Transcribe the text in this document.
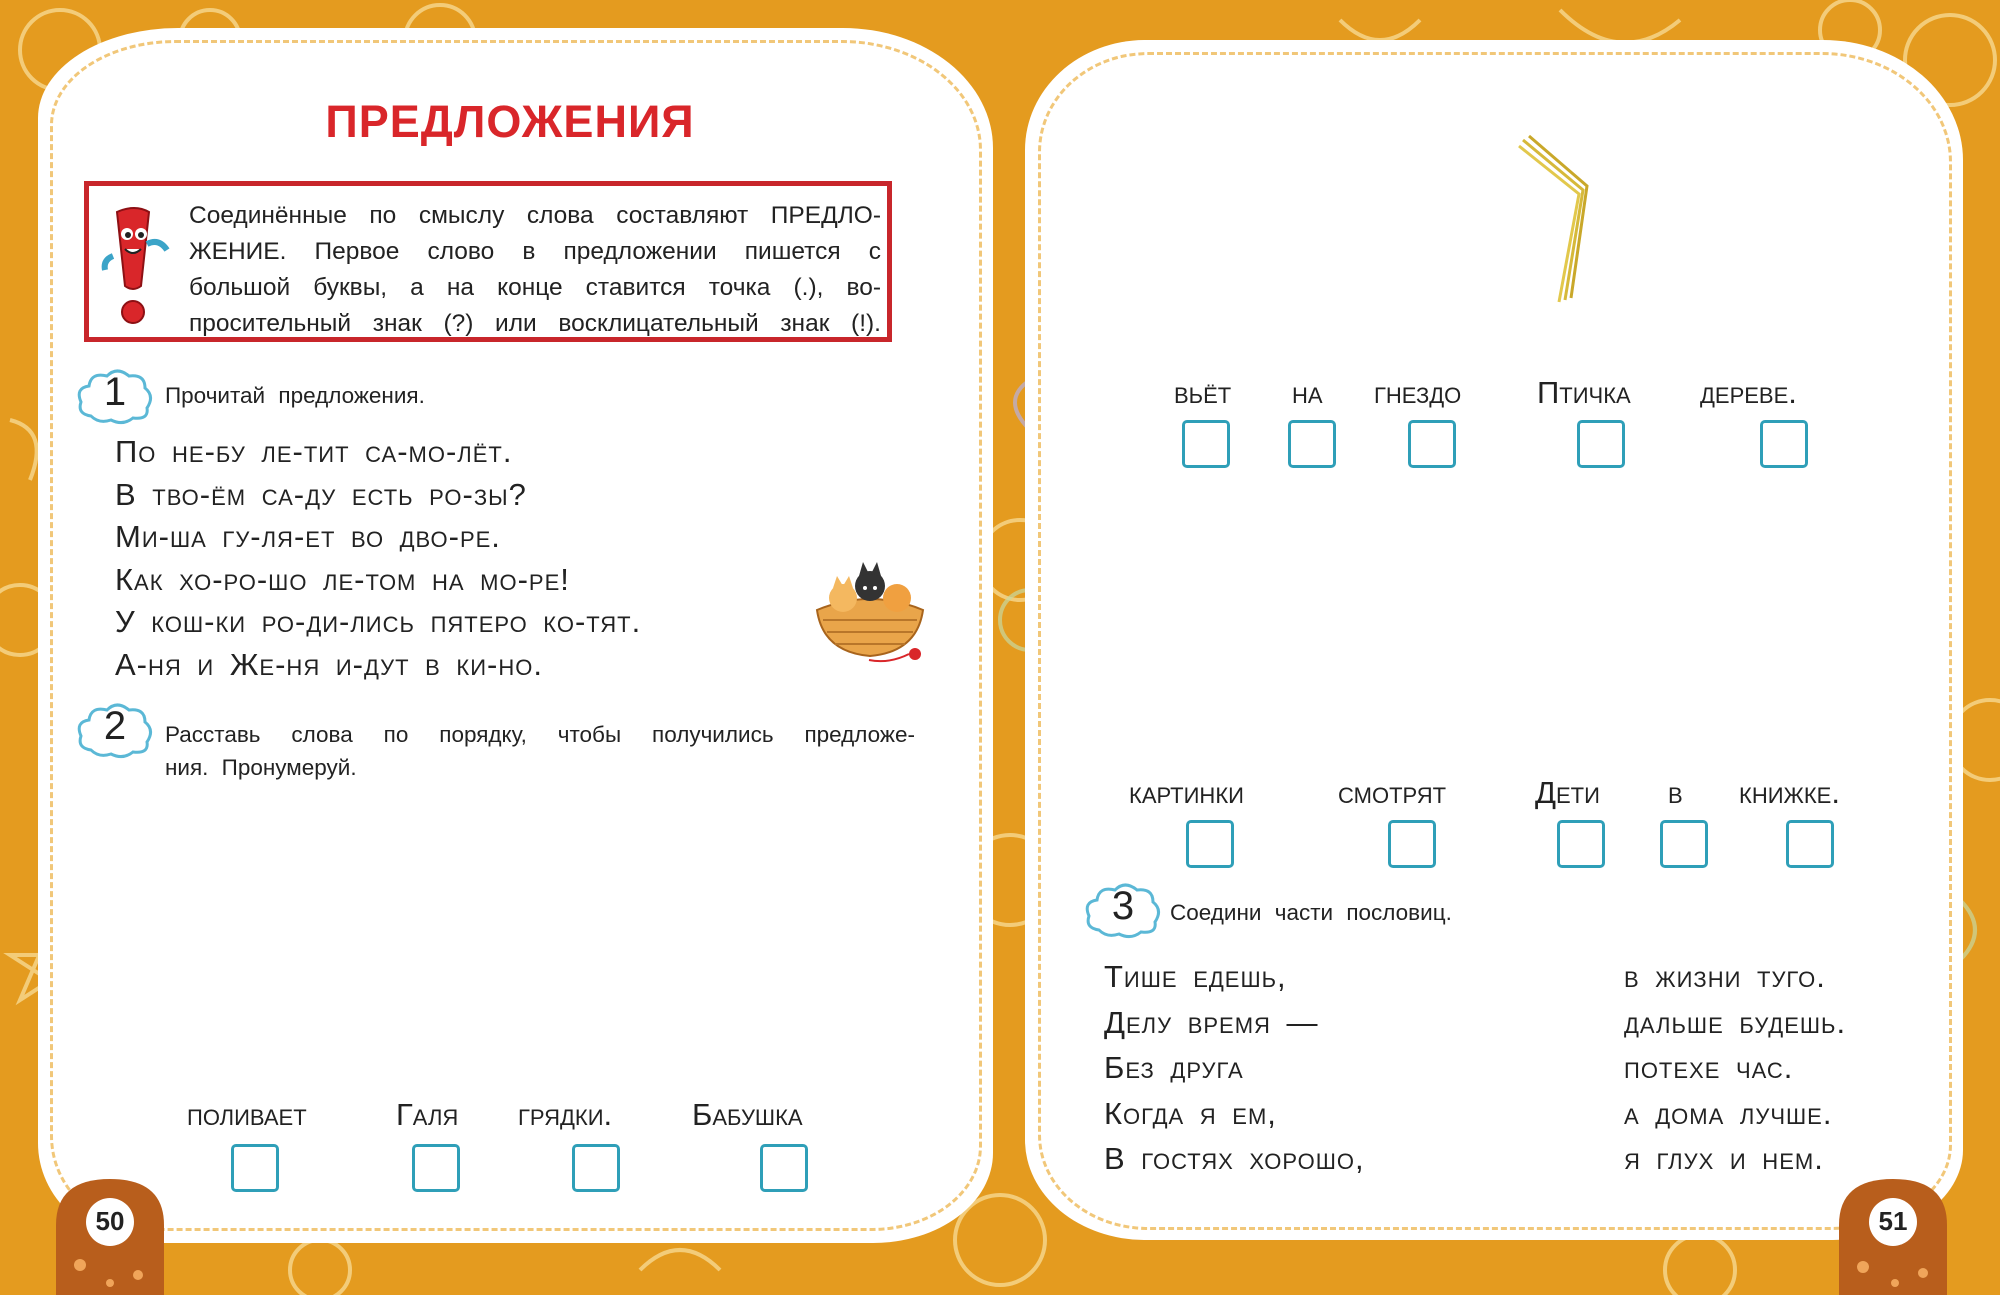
ПРЕДЛОЖЕНИЯ
Соединённые по смыслу слова составляют ПРЕДЛО-
ЖЕНИЕ. Первое слово в предложении пишется с
большой буквы, а на конце ставится точка (.), во-
просительный знак (?) или восклицательный знак (!).
1	Прочитай предложения.
По не-бу ле-тит са-мо-лёт.
В тво-ём са-ду есть ро-зы?
Ми-ша гу-ля-ет во дво-ре.
Как хо-ро-шо ле-том на мо-ре!
У кош-ки ро-ди-лись пятеро ко-тят.
А-ня и Же-ня и-дут в ки-но.
2	Расставь слова по порядку, чтобы получились предложе-
ния. Пронумеруй.
поливает	Галя грядки.	Бабушка
50
вьёт на гнездо Птичка дереве.
картинки	смотрят	Дети в книжке.
3	Соедини части пословиц.
Тише едешь,
Делу время —
Без друга
Когда я ем,
В гостях хорошо,
в жизни туго.
дальше будешь.
потехе час.
а дома лучше.
я глух и нем.
51
